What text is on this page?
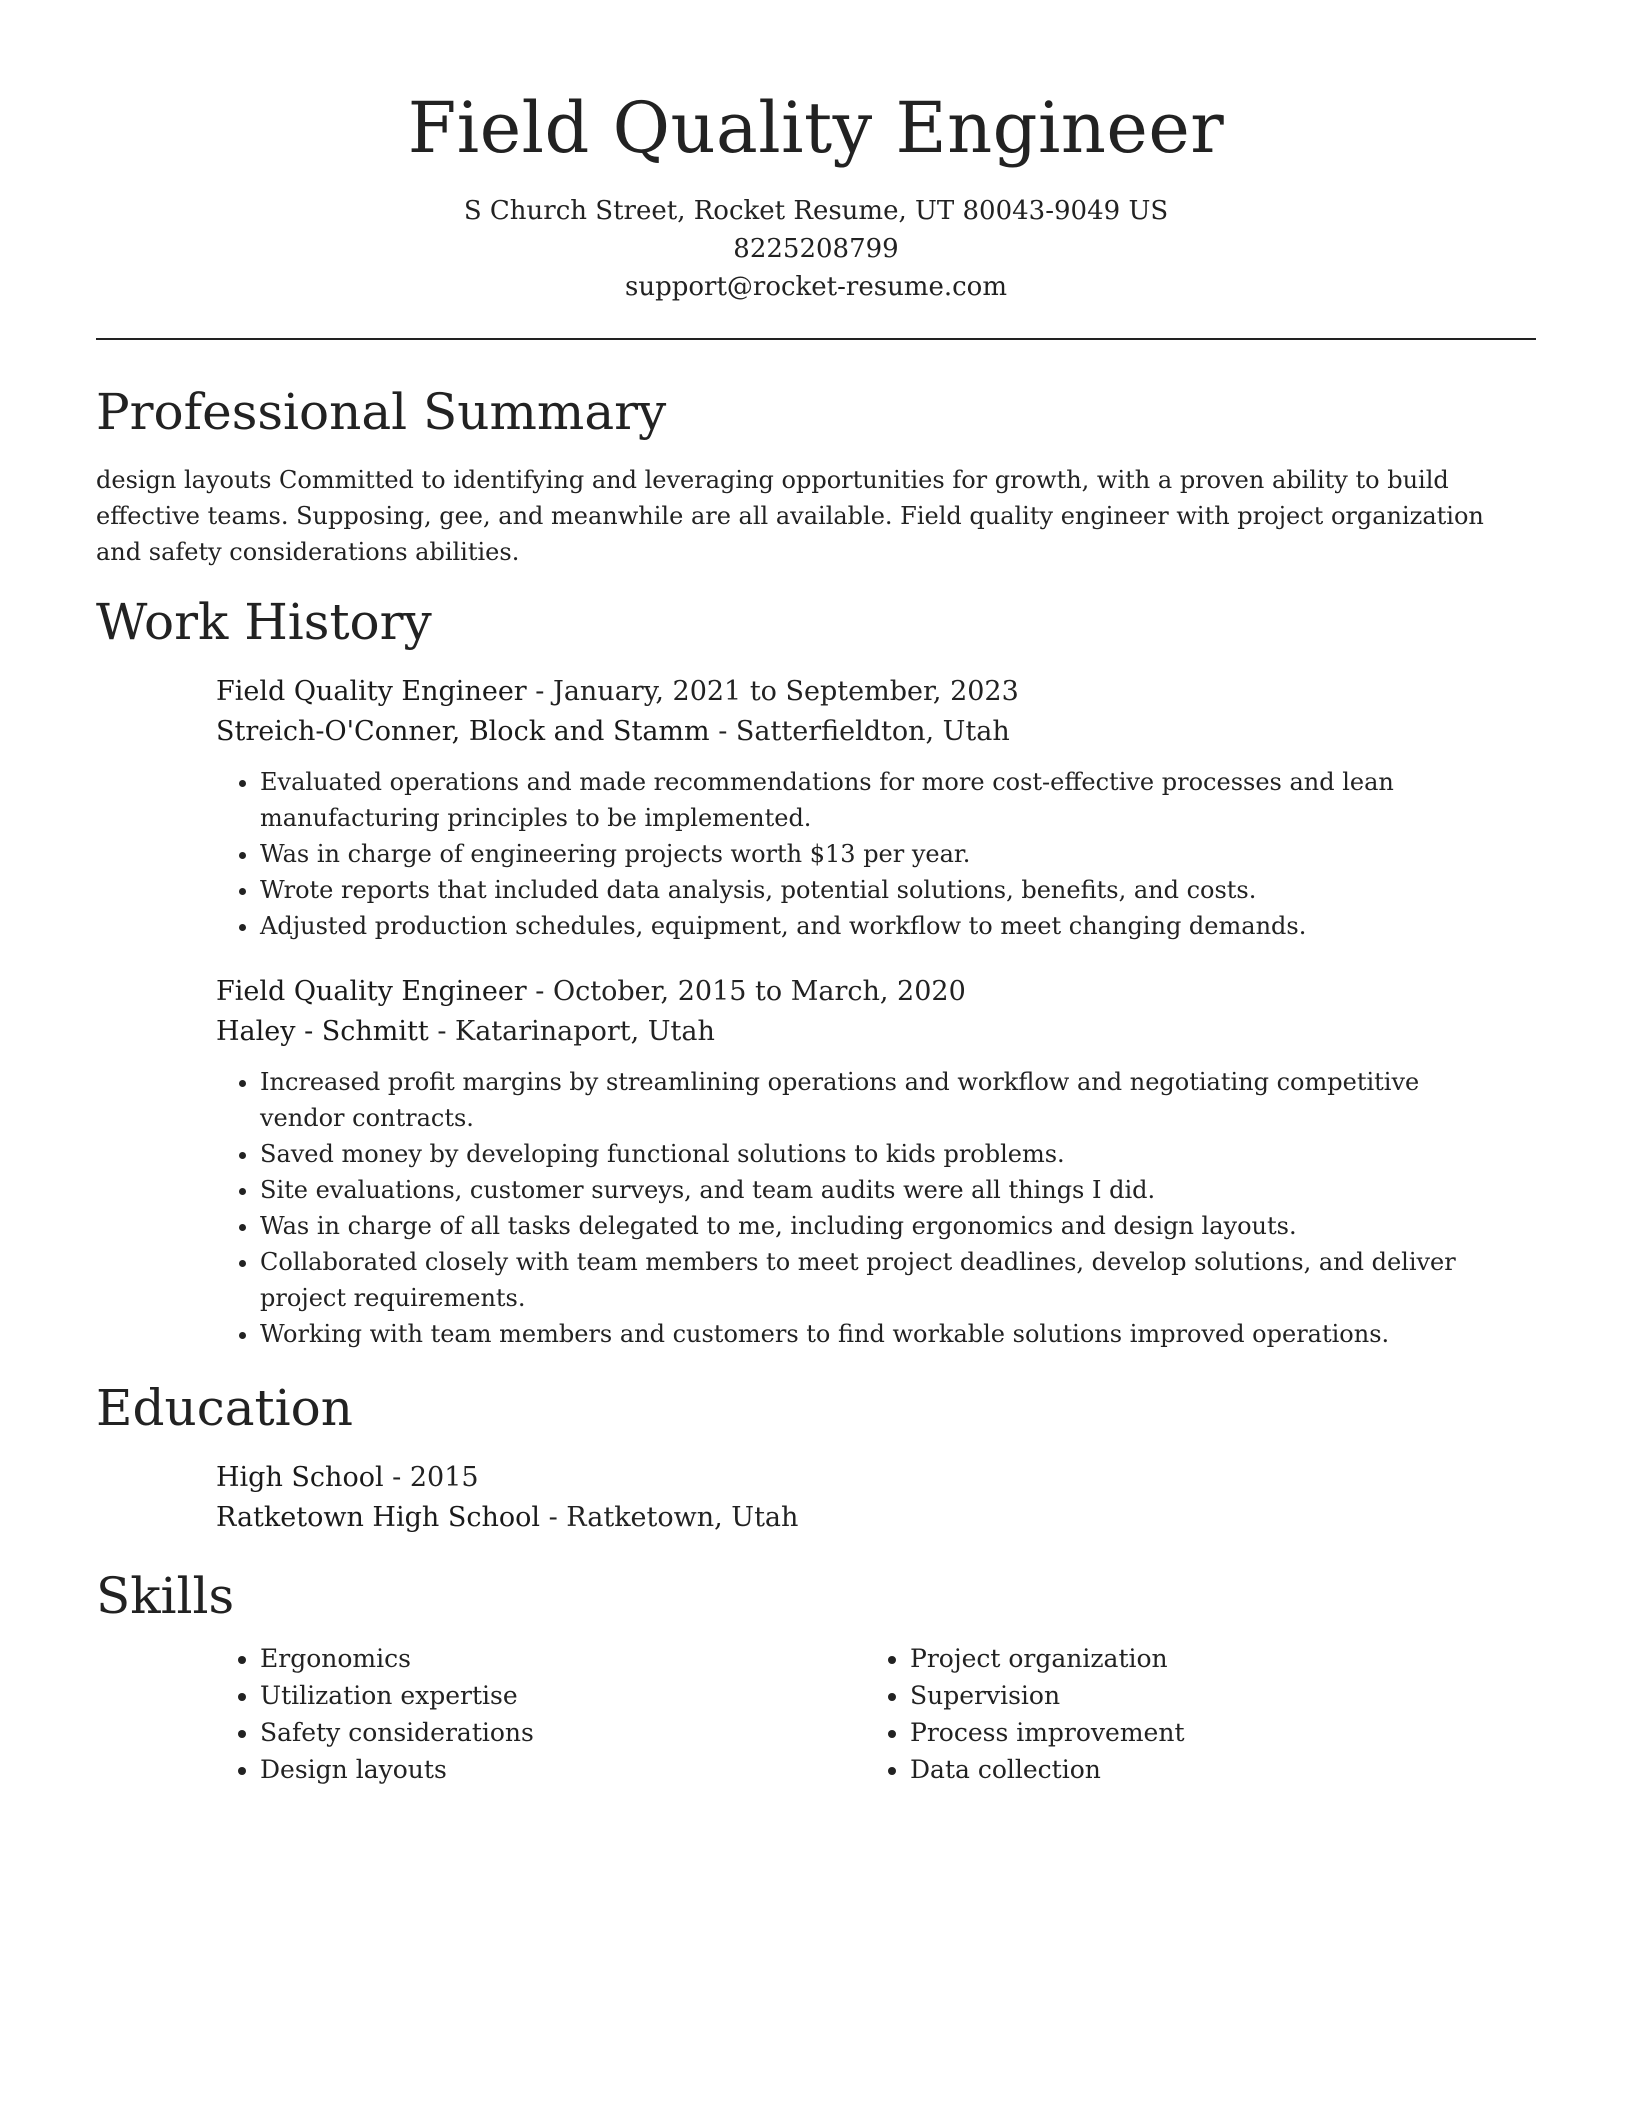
Field Quality Engineer

S Church Street, Rocket Resume, UT 80043-9049 US

8225208799

support@rocket-resume.com

Professional Summary

design layouts Committed to identifying and leveraging opportunities for growth, with a proven ability to build effective teams. Supposing, gee, and meanwhile are all available. Field quality engineer with project organization and safety considerations abilities.

Work History

Field Quality Engineer - January, 2021 to September, 2023

Streich-O'Conner, Block and Stamm - Satterfieldton, Utah

• Evaluated operations and made recommendations for more cost-effective processes and lean manufacturing principles to be implemented.
• Was in charge of engineering projects worth $13 per year.
• Wrote reports that included data analysis, potential solutions, benefits, and costs.
• Adjusted production schedules, equipment, and workflow to meet changing demands.

Field Quality Engineer - October, 2015 to March, 2020

Haley - Schmitt - Katarinaport, Utah

• Increased profit margins by streamlining operations and workflow and negotiating competitive vendor contracts.
• Saved money by developing functional solutions to kids problems.
• Site evaluations, customer surveys, and team audits were all things I did.
• Was in charge of all tasks delegated to me, including ergonomics and design layouts.
• Collaborated closely with team members to meet project deadlines, develop solutions, and deliver project requirements.
• Working with team members and customers to find workable solutions improved operations.
Education

High School - 2015

Ratketown High School - Ratketown, Utah

Skills
• Ergonomics
• Utilization expertise
• Safety considerations
• Design layouts
• Project organization
• Supervision
• Process improvement
• Data collection
